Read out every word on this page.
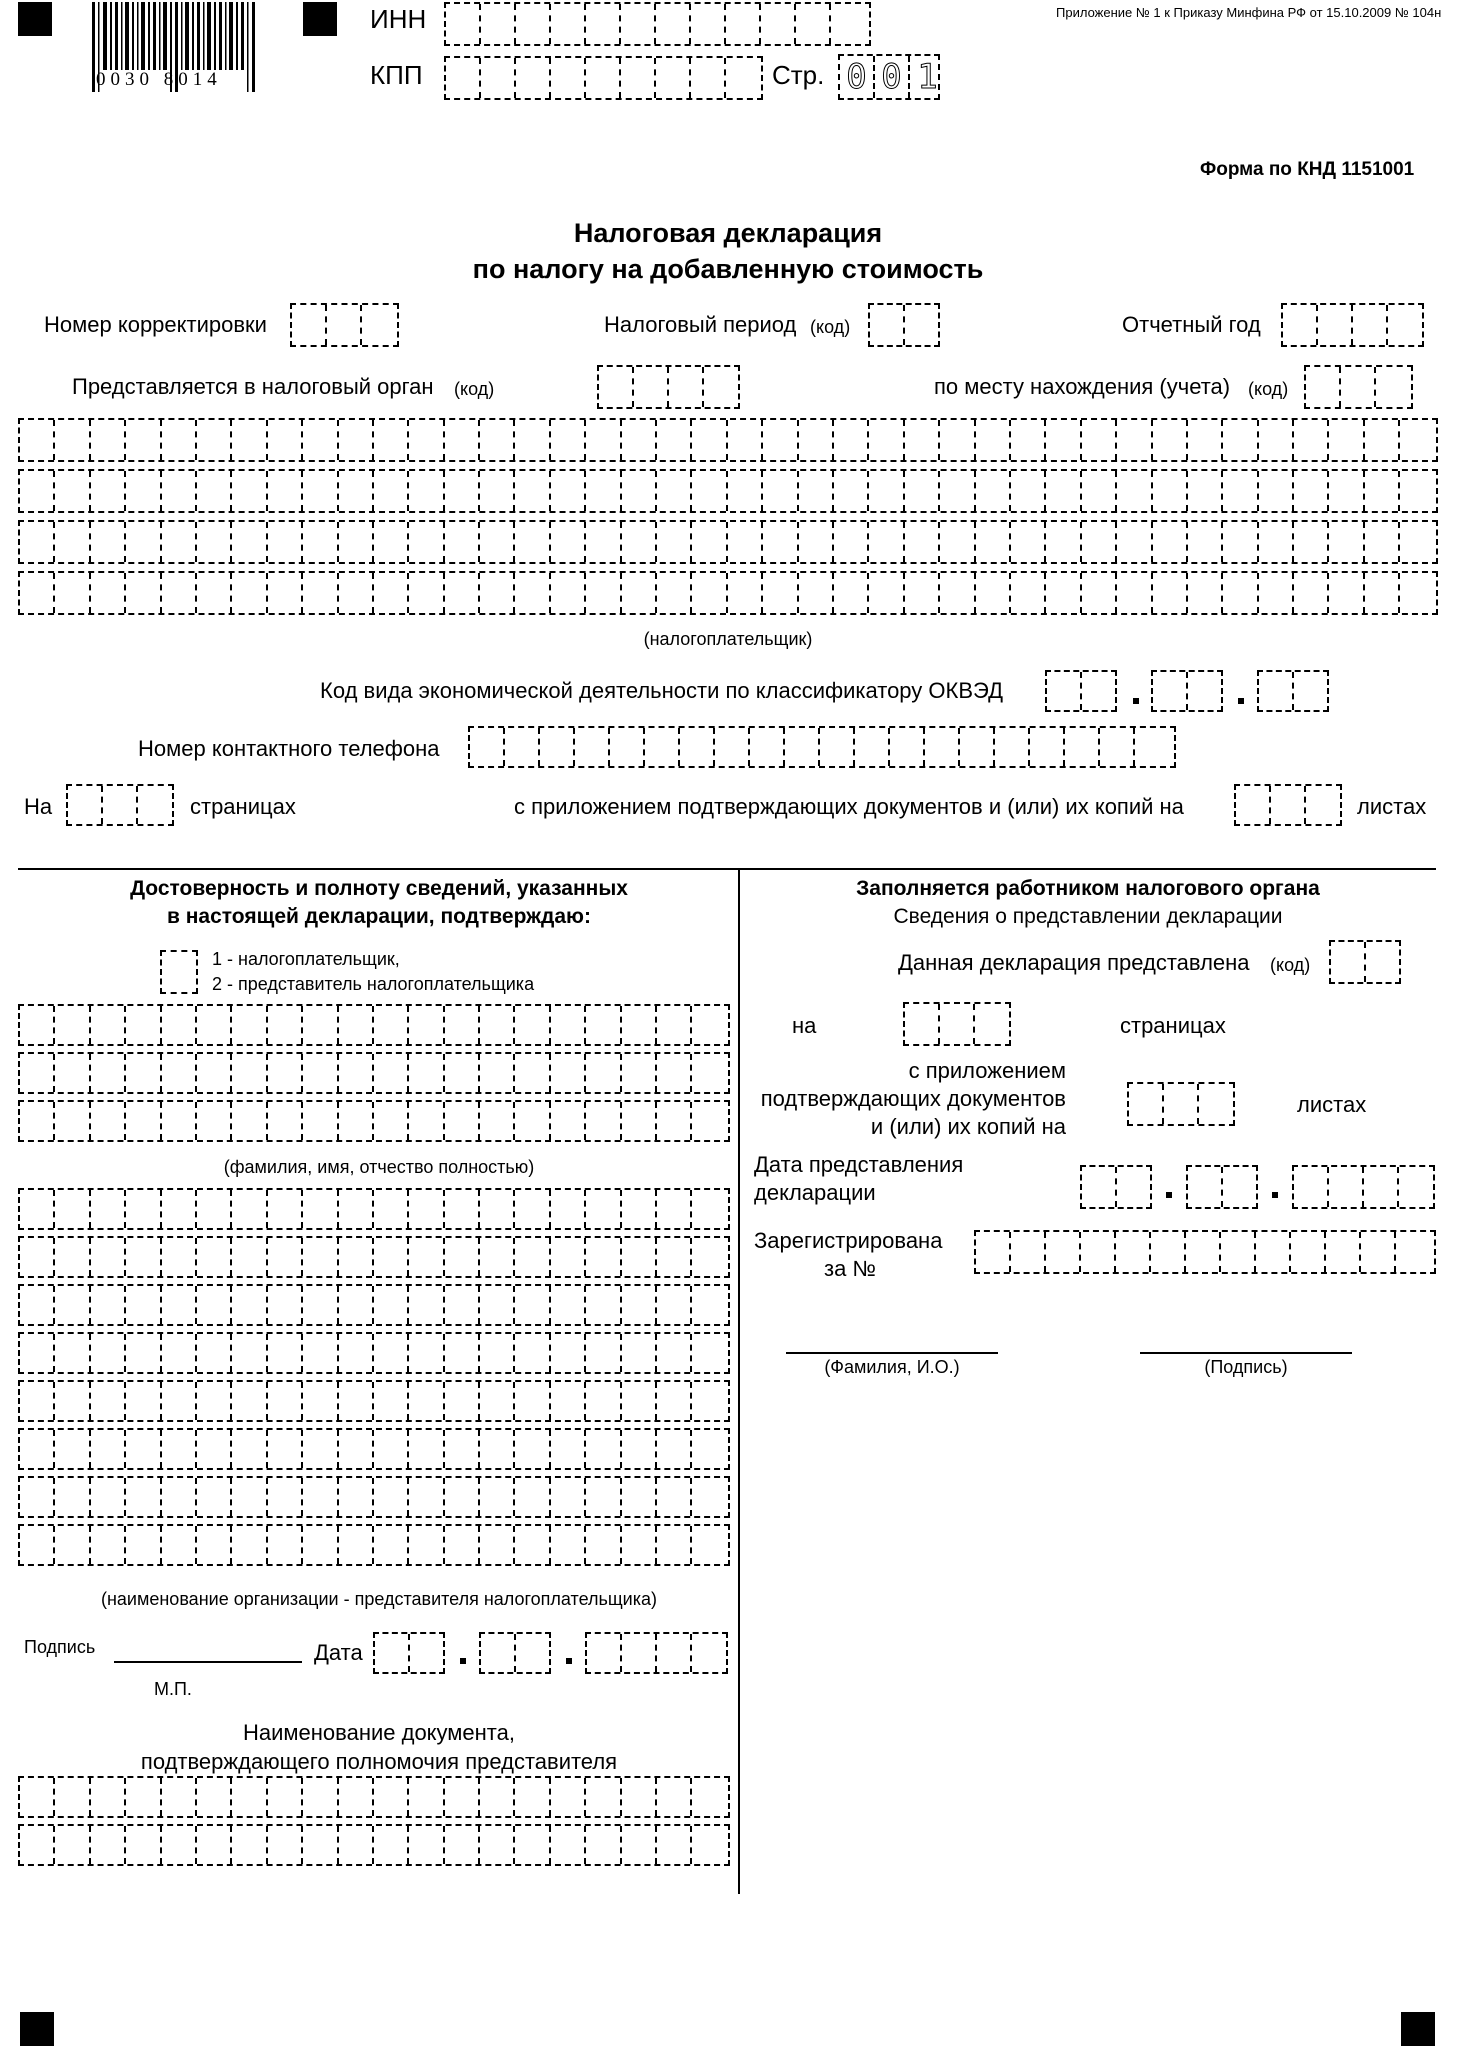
0030 8014
ИНН
КПП	Стр. 0 0 1
Приложение № 1 к Приказу Минфина РФ от 15.10.2009 № 104н
Форма по КНД 1151001
Налоговая декларация
по налогу на добавленную стоимость
Номер корректировки	Налоговый период (код)	Отчетный год
Представляется в налоговый орган (код)	по месту нахождения (учета) (код)
(налогоплательщик)
Код вида экономической деятельности по классификатору ОКВЭД
Номер контактного телефона
На	страницах	с приложением подтверждающих документов и (или) их копий на	листах
Достоверность и полноту сведений, указанных
в настоящей декларации, подтверждаю:
1 - налогоплательщик,
2 - представитель налогоплательщика
(фамилия, имя, отчество полностью)
(наименование организации - представителя налогоплательщика)
Подпись	Дата
М.П.
Наименование документа,
подтверждающего полномочия представителя
Заполняется работником налогового органа
Сведения о представлении декларации
Данная декларация представлена (код)
на	страницах
с приложением
подтверждающих документов
и (или) их копий на
листах
Дата представления
декларации
Зарегистрирована
за №
(Фамилия, И.О.)	(Подпись)
